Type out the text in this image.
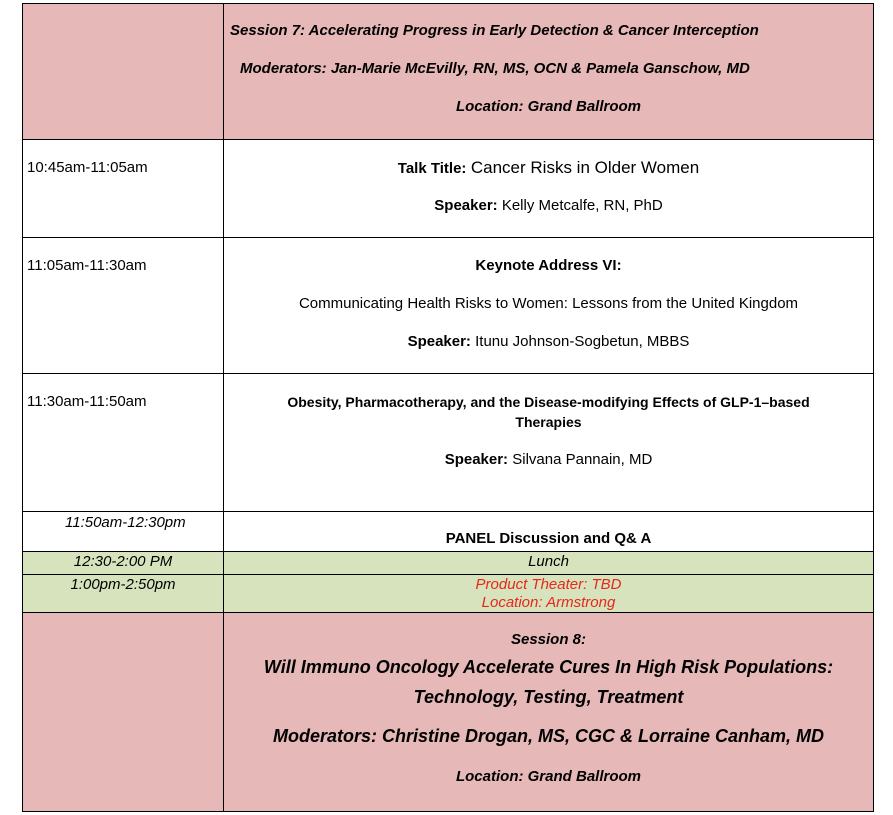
	Session 7: Accelerating Progress in Early Detection & Cancer Interception

Moderators: Jan-Marie McEvilly, RN, MS, OCN & Pamela Ganschow, MD

Location: Grand Ballroom

10:45am-11:05am	Talk Title: Cancer Risks in Older Women

Speaker: Kelly Metcalfe, RN, PhD

11:05am-11:30am	Keynote Address VI:

Communicating Health Risks to Women: Lessons from the United Kingdom

Speaker: Itunu Johnson-Sogbetun, MBBS

11:30am-11:50am	Obesity, Pharmacotherapy, and the Disease-modifying Effects of GLP-1–based Therapies

Speaker: Silvana Pannain, MD

11:50am-12:30pm	PANEL Discussion and Q& A

12:30-2:00 PM	Lunch

1:00pm-2:50pm	Product Theater: TBD

Location: Armstrong

	Session 8:

Will Immuno Oncology Accelerate Cures In High Risk Populations:

Technology, Testing, Treatment

Moderators: Christine Drogan, MS, CGC & Lorraine Canham, MD

Location: Grand Ballroom
